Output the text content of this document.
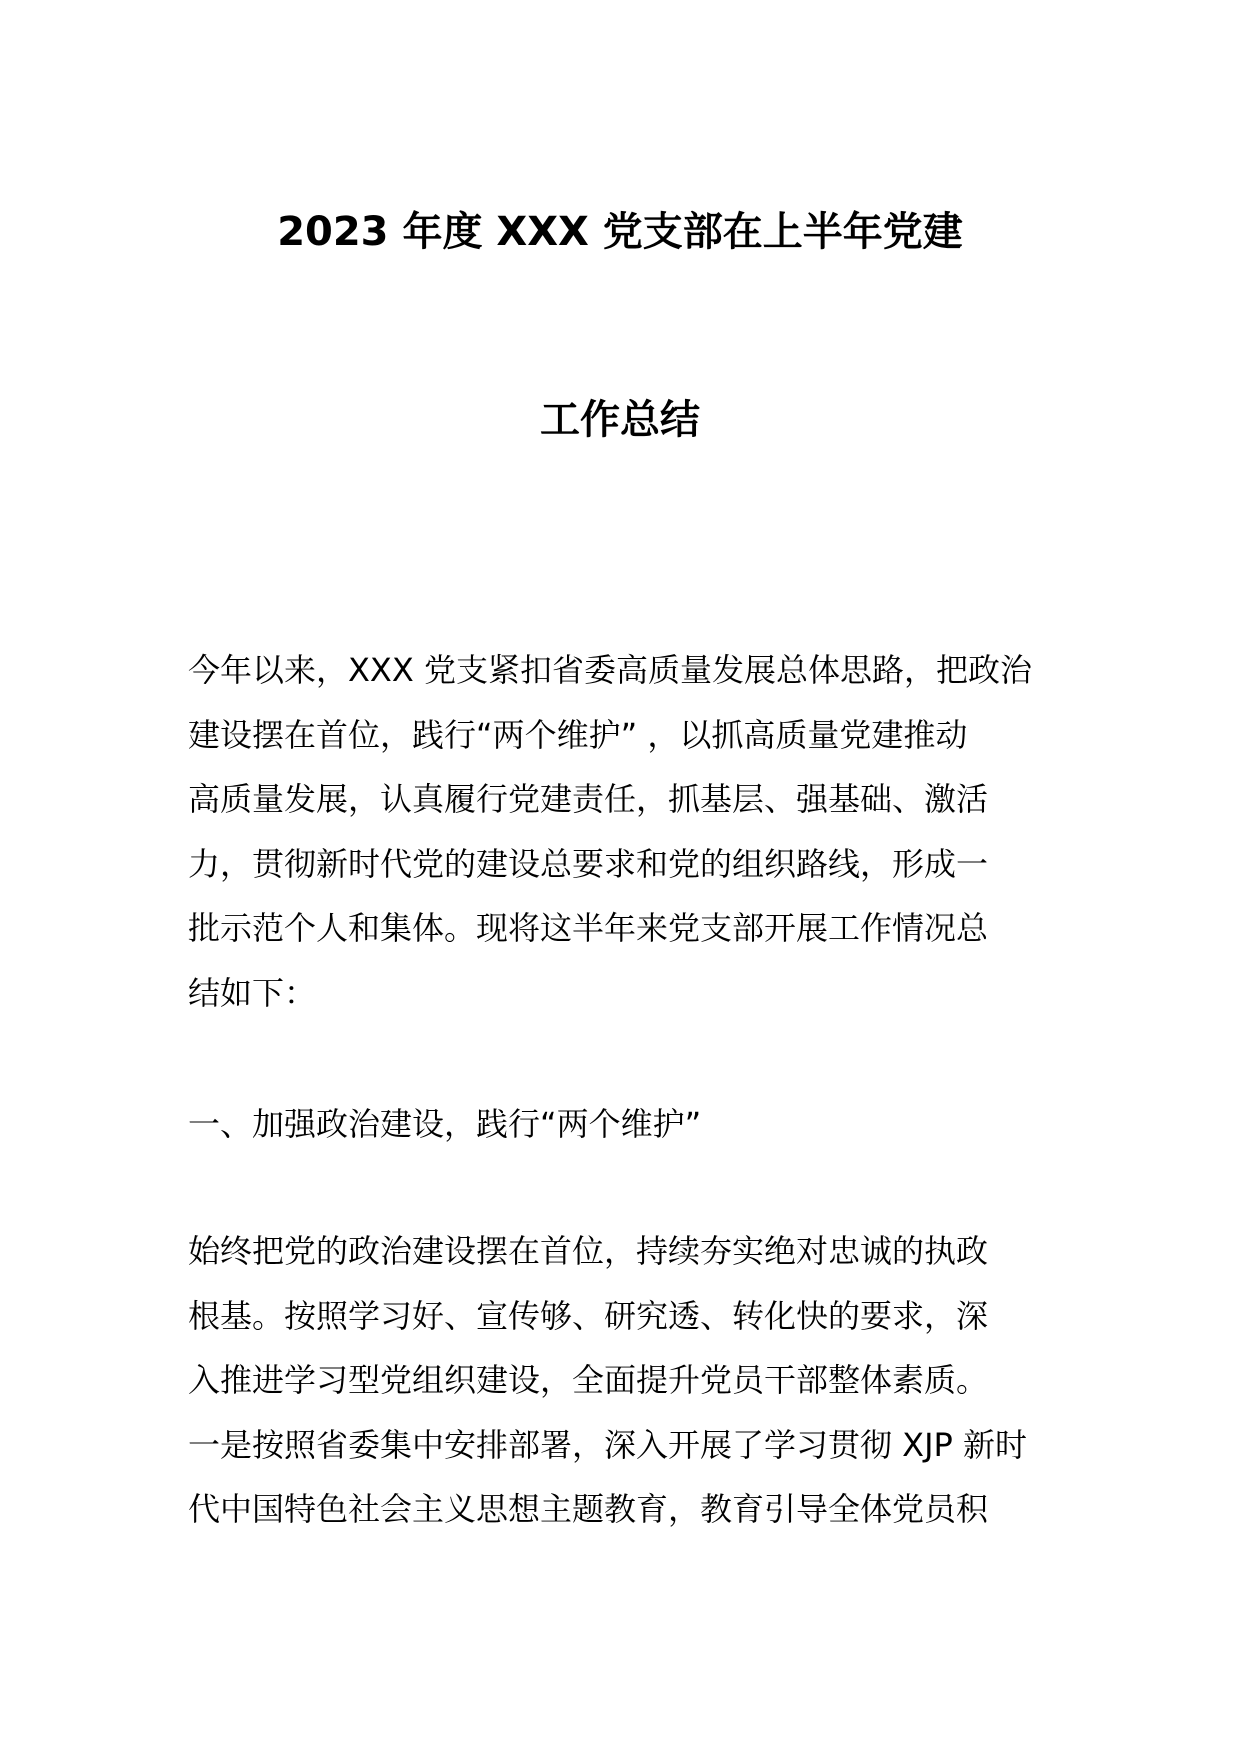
2023 年度 XXX 党支部在上半年党建
工作总结
今年以来，XXX 党支紧扣省委高质量发展总体思路，把政治
建设摆在首位，践行“两个维护” ，以抓高质量党建推动
高质量发展，认真履行党建责任，抓基层、强基础、激活
力，贯彻新时代党的建设总要求和党的组织路线，形成一
批示范个人和集体。现将这半年来党支部开展工作情况总
结如下：
一、加强政治建设，践行“两个维护”
始终把党的政治建设摆在首位，持续夯实绝对忠诚的执政
根基。按照学习好、宣传够、研究透、转化快的要求，深
入推进学习型党组织建设，全面提升党员干部整体素质。
一是按照省委集中安排部署，深入开展了学习贯彻 XJP 新时
代中国特色社会主义思想主题教育，教育引导全体党员积
